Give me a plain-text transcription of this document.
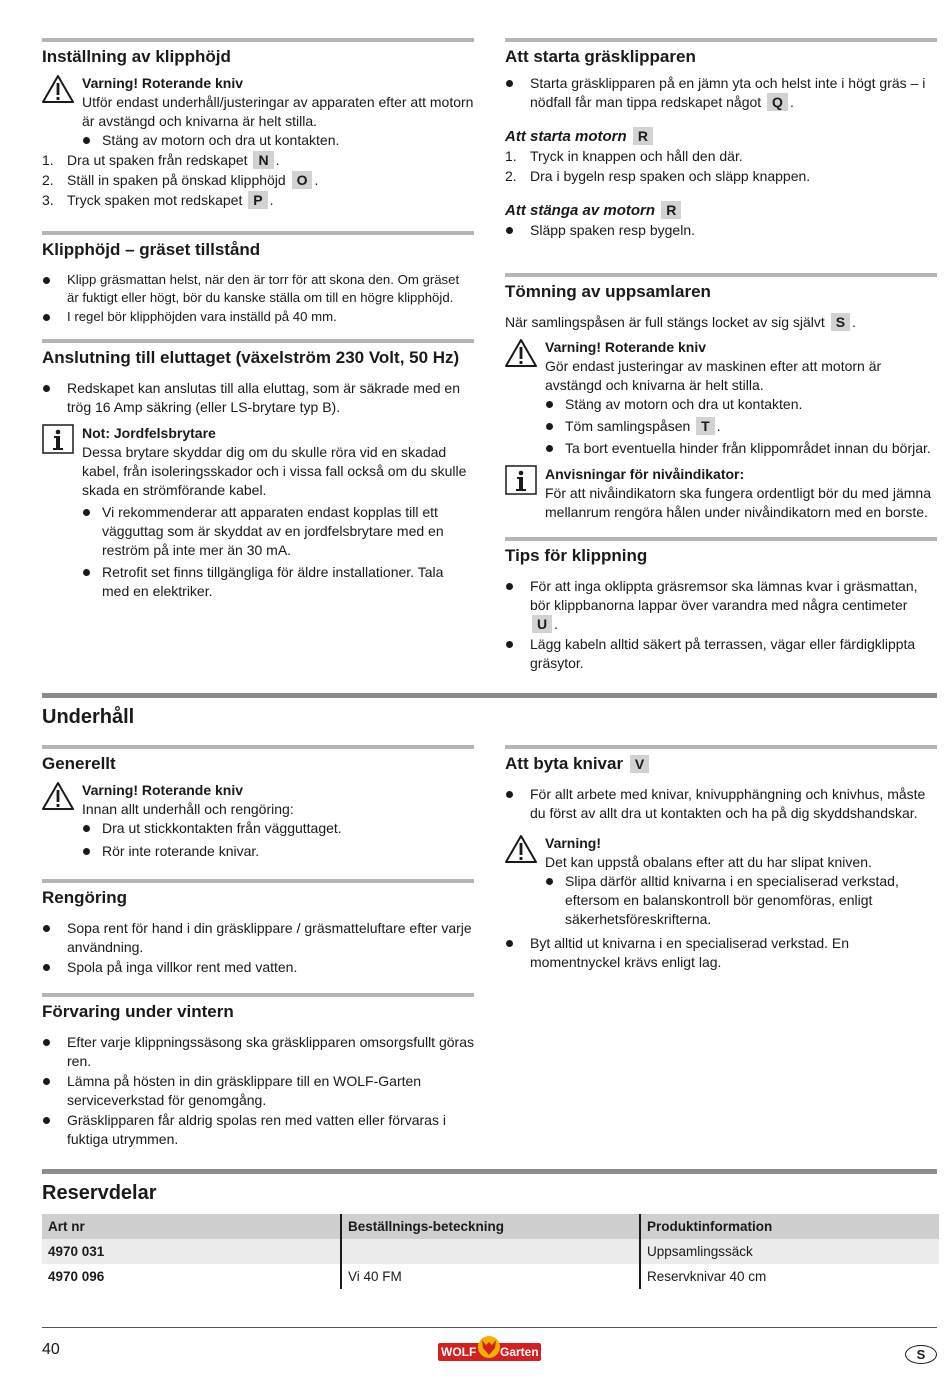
Inställning av klipphöjd

Varning! Roterande kniv

Utför endast underhåll/justeringar av apparaten efter att motorn är avstängd och knivarna är helt stilla.

Stäng av motorn och dra ut kontakten.
1. Dra ut spaken från redskapet N .
2. Ställ in spaken på önskad klipphöjd O .
3. Tryck spaken mot redskapet P .
Klipphöjd – gräset tillstånd
Klipp gräsmattan helst, när den är torr för att skona den. Om gräset är fuktigt eller högt, bör du kanske ställa om till en högre klipphöjd.
I regel bör klipphöjden vara inställd på 40 mm.
Anslutning till eluttaget (växelström 230 Volt, 50 Hz)
Redskapet kan anslutas till alla eluttag, som är säkrade med en trög 16 Amp säkring (eller LS-brytare typ B).

Not: Jordfelsbrytare

Dessa brytare skyddar dig om du skulle röra vid en skadad kabel, från isoleringsskador och i vissa fall också om du skulle skada en strömförande kabel.

Vi rekommenderar att apparaten endast kopplas till ett vägguttag som är skyddat av en jordfelsbrytare med en reström på inte mer än 30 mA.
Retrofit set finns tillgängliga för äldre installationer. Tala med en elektriker.
Att starta gräsklipparen
Starta gräsklipparen på en jämn yta och helst inte i högt gräs – i nödfall får man tippa redskapet något Q .
Att starta motorn R
1. Tryck in knappen och håll den där.
2. Dra i bygeln resp spaken och släpp knappen.
Att stänga av motorn R
Släpp spaken resp bygeln.
Tömning av uppsamlaren

När samlingspåsen är full stängs locket av sig självt S .

Varning! Roterande kniv

Gör endast justeringar av maskinen efter att motorn är avstängd och knivarna är helt stilla.

Stäng av motorn och dra ut kontakten.
Töm samlingspåsen T .
Ta bort eventuella hinder från klippområdet innan du börjar.

Anvisningar för nivåindikator:

För att nivåindikatorn ska fungera ordentligt bör du med jämna mellanrum rengöra hålen under nivåindikatorn med en borste.

Tips för klippning
För att inga oklippta gräsremsor ska lämnas kvar i gräsmattan, bör klippbanorna lappar över varandra med några centimeter
U .
Lägg kabeln alltid säkert på terrassen, vägar eller färdigklippta gräsytor.
Underhåll
Generellt

Varning! Roterande kniv

Innan allt underhåll och rengöring:

Dra ut stickkontakten från vägguttaget.
Rör inte roterande knivar.
Rengöring
Sopa rent för hand i din gräsklippare / gräsmatteluftare efter varje användning.
Spola på inga villkor rent med vatten.
Förvaring under vintern
Efter varje klippningssäsong ska gräsklipparen omsorgsfullt göras ren.
Lämna på hösten in din gräsklippare till en WOLF-Garten serviceverkstad för genomgång.
Gräsklipparen får aldrig spolas ren med vatten eller förvaras i fuktiga utrymmen.
Att byta knivar V
För allt arbete med knivar, knivupphängning och knivhus, måste du först av allt dra ut kontakten och ha på dig skyddshandskar.

Varning!

Det kan uppstå obalans efter att du har slipat kniven.

Slipa därför alltid knivarna i en specialiserad verkstad, eftersom en balanskontroll bör genomföras, enligt säkerhetsföreskrifterna.
Byt alltid ut knivarna i en specialiserad verkstad. En momentnyckel krävs enligt lag.
Reservdelar
Art nr	Beställnings-beteckning	Produktinformation
4970 031		Uppsamlingssäck
4970 096	Vi 40 FM	Reservknivar 40 cm
40	WOLF Garten	S
